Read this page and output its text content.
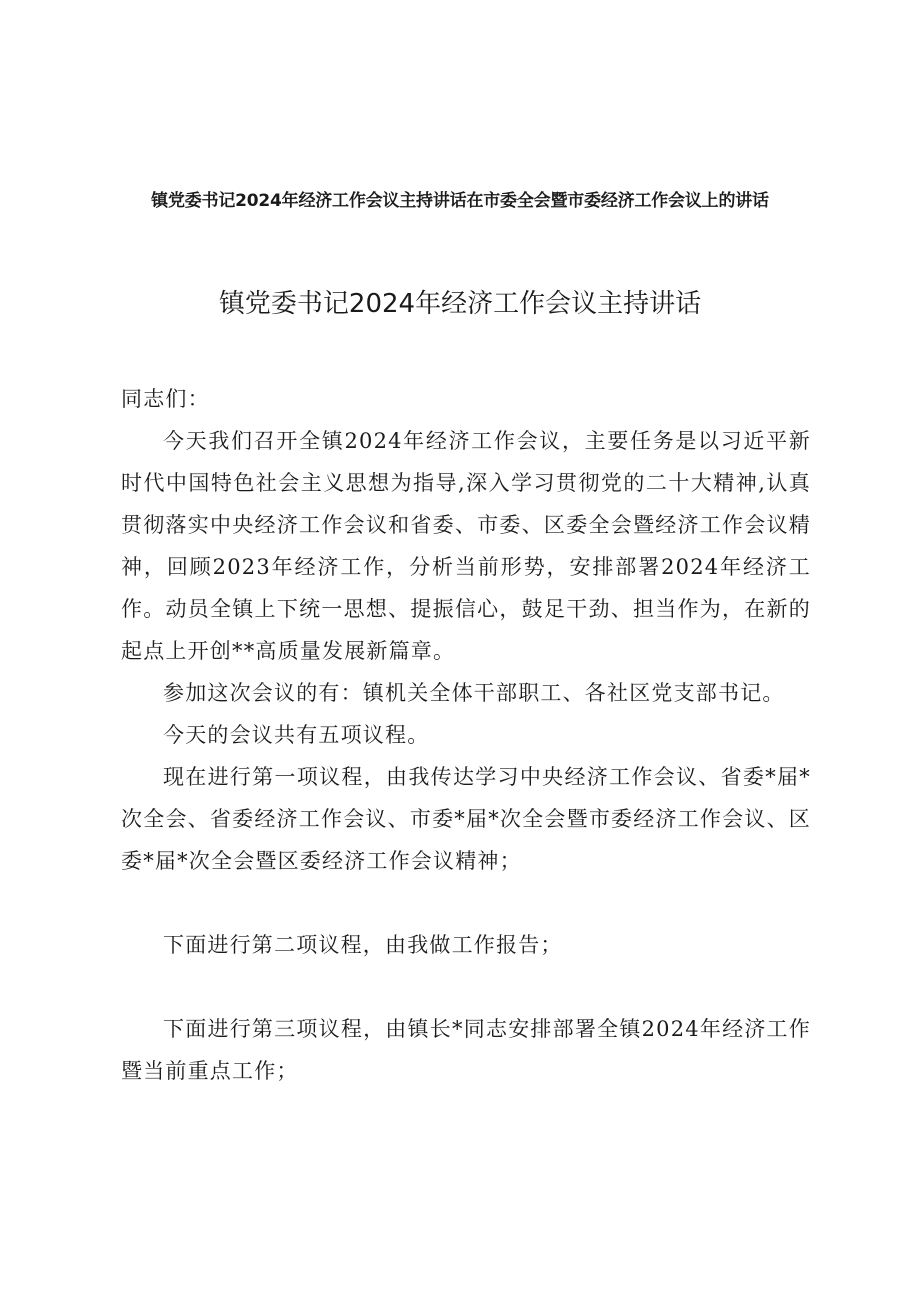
镇党委书记2024年经济工作会议主持讲话在市委全会暨市委经济工作会议上的讲话
镇党委书记2024年经济工作会议主持讲话

同志们：

今天我们召开全镇2024年经济工作会议，主要任务是以习近平新时代中国特色社会主义思想为指导,深入学习贯彻党的二十大精神,认真贯彻落实中央经济工作会议和省委、市委、区委全会暨经济工作会议精神，回顾2023年经济工作，分析当前形势，安排部署2024年经济工作。动员全镇上下统一思想、提振信心，鼓足干劲、担当作为，在新的起点上开创**高质量发展新篇章。

参加这次会议的有：镇机关全体干部职工、各社区党支部书记。

今天的会议共有五项议程。

现在进行第一项议程，由我传达学习中央经济工作会议、省委*届*次全会、省委经济工作会议、市委*届*次全会暨市委经济工作会议、区委*届*次全会暨区委经济工作会议精神；

下面进行第二项议程，由我做工作报告；

下面进行第三项议程，由镇长*同志安排部署全镇2024年经济工作暨当前重点工作；
